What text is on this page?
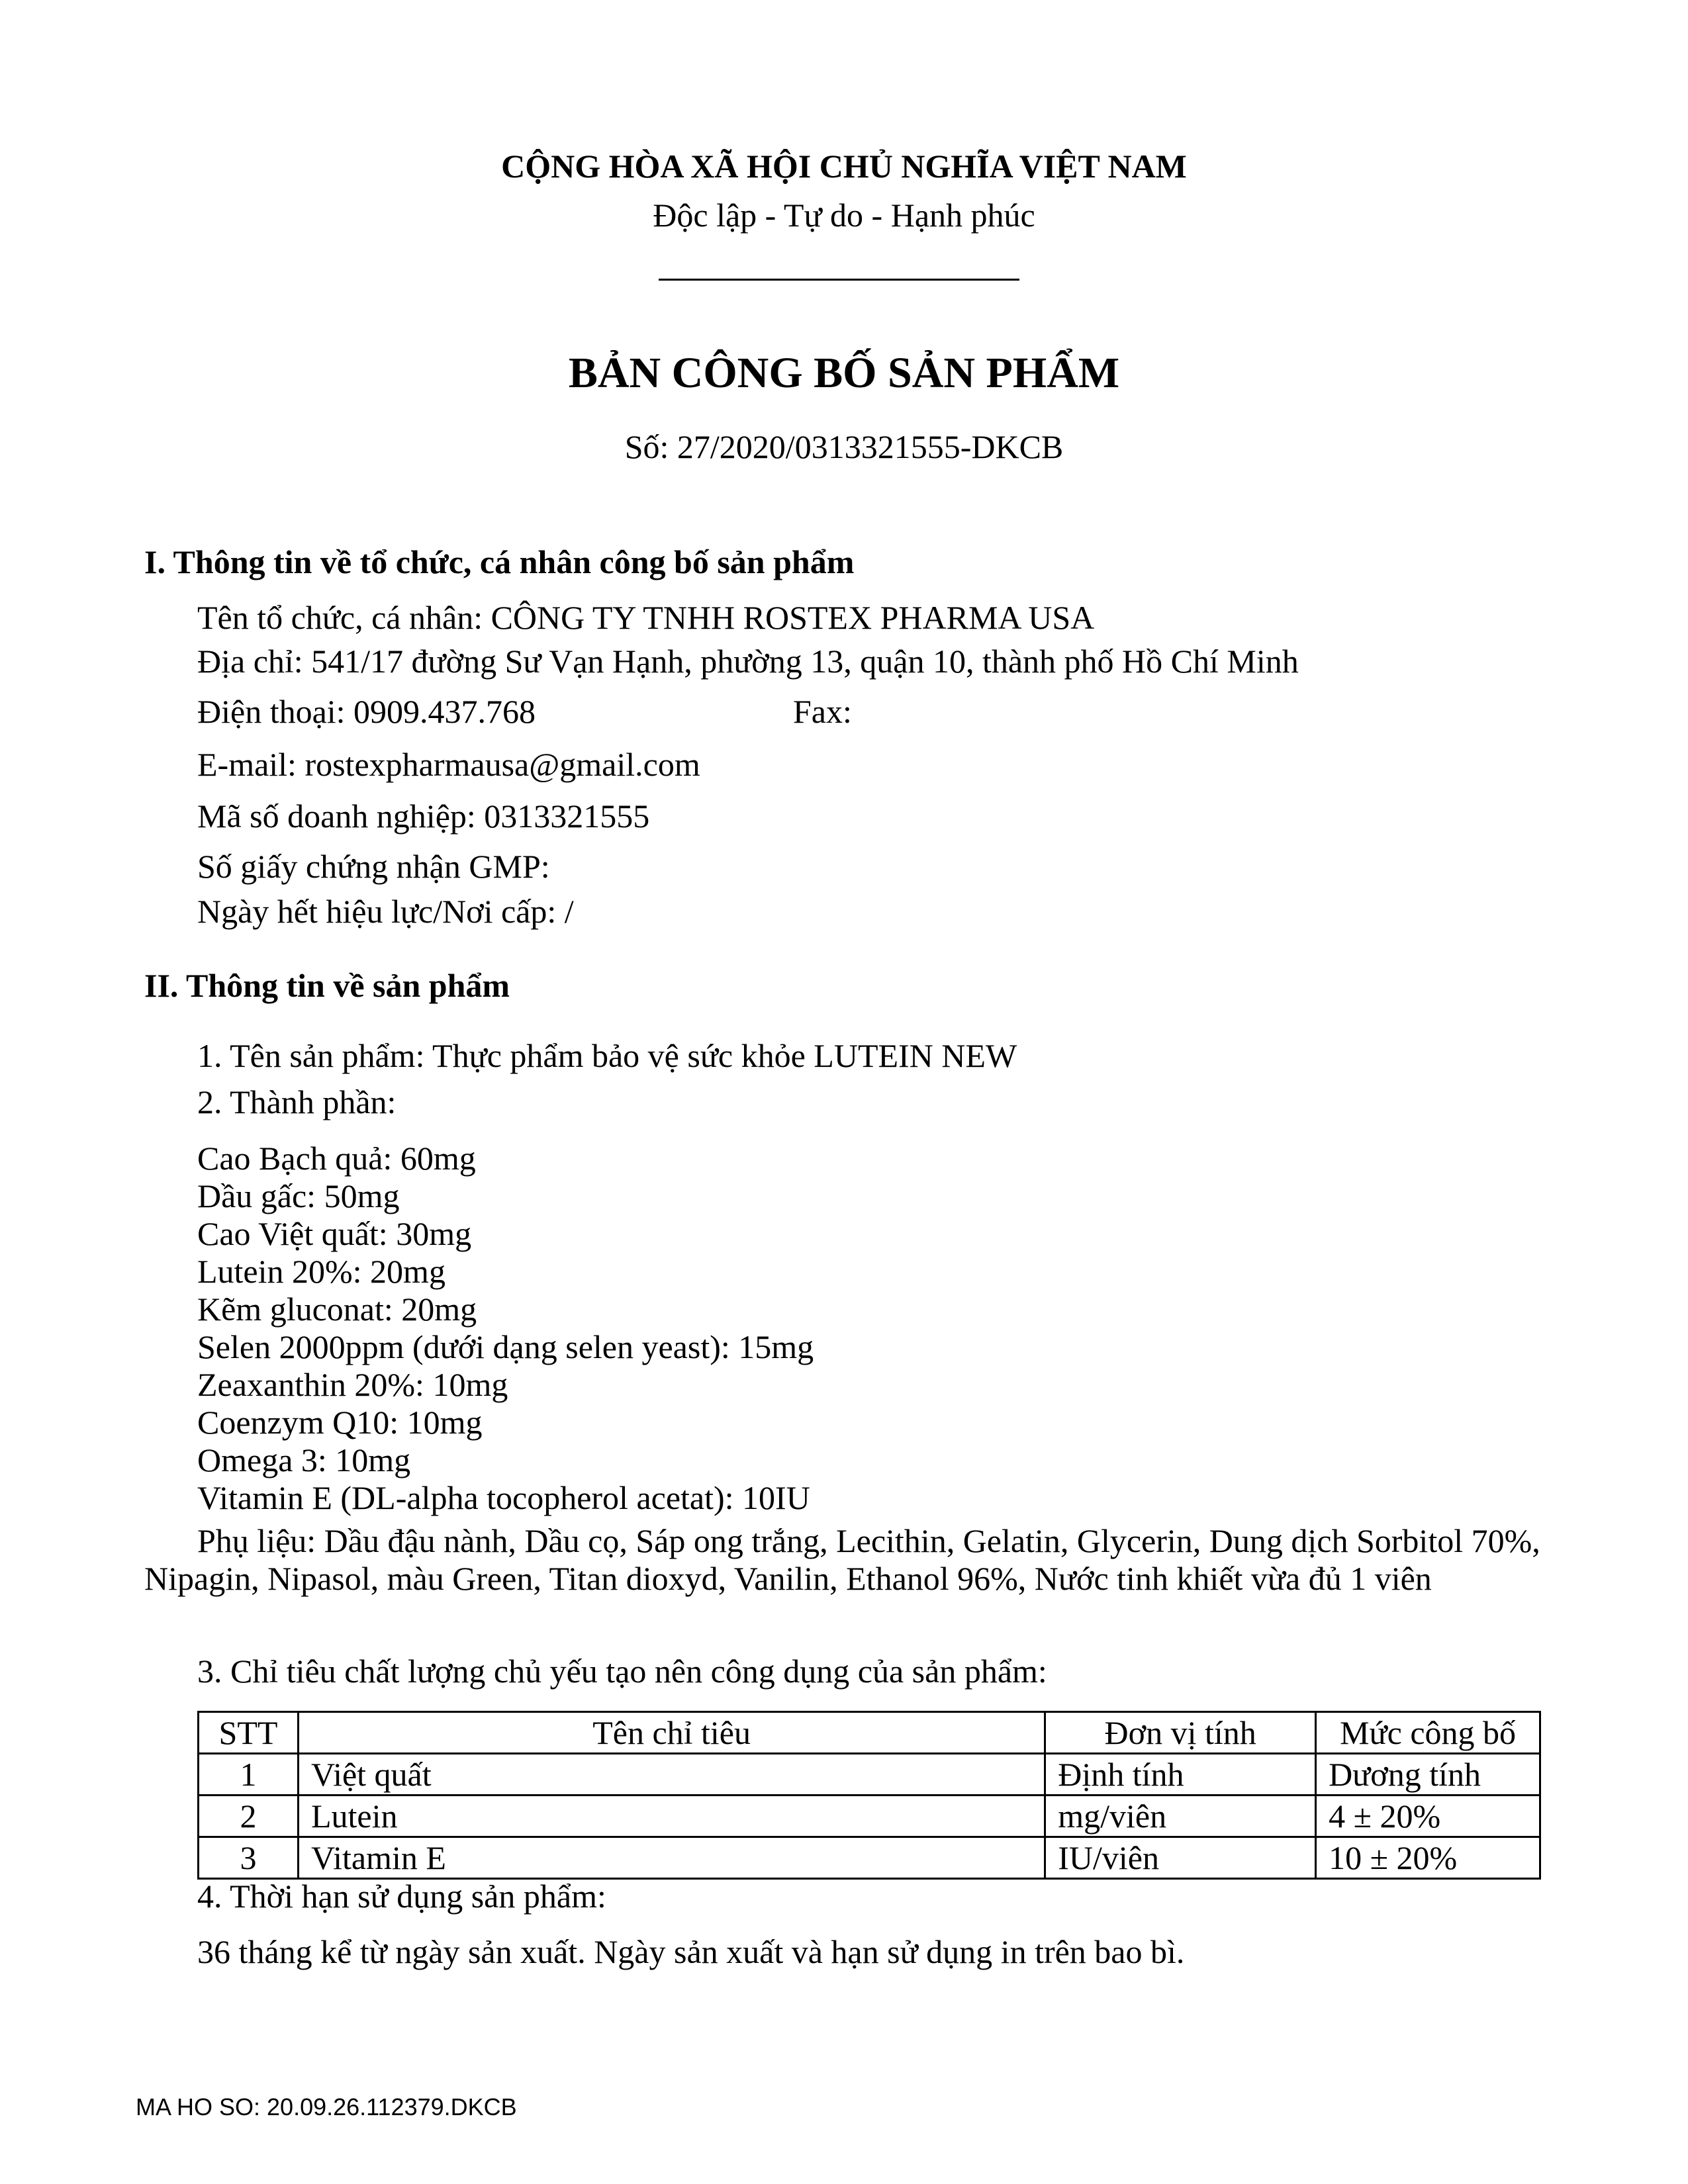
CỘNG HÒA XÃ HỘI CHỦ NGHĨA VIỆT NAM
Độc lập - Tự do - Hạnh phúc
BẢN CÔNG BỐ SẢN PHẨM
Số: 27/2020/0313321555-DKCB
I. Thông tin về tổ chức, cá nhân công bố sản phẩm
Tên tổ chức, cá nhân: CÔNG TY TNHH ROSTEX PHARMA USA
Địa chỉ: 541/17 đường Sư Vạn Hạnh, phường 13, quận 10, thành phố Hồ Chí Minh
Điện thoại: 0909.437.768	Fax:
E-mail: rostexpharmausa@gmail.com
Mã số doanh nghiệp: 0313321555
Số giấy chứng nhận GMP:
Ngày hết hiệu lực/Nơi cấp: /
II. Thông tin về sản phẩm
1. Tên sản phẩm: Thực phẩm bảo vệ sức khỏe LUTEIN NEW
2. Thành phần:
Cao Bạch quả: 60mg
Dầu gấc: 50mg
Cao Việt quất: 30mg
Lutein 20%: 20mg
Kẽm gluconat: 20mg
Selen 2000ppm (dưới dạng selen yeast): 15mg
Zeaxanthin 20%: 10mg
Coenzym Q10: 10mg
Omega 3: 10mg
Vitamin E (DL-alpha tocopherol acetat): 10IU
Phụ liệu: Dầu đậu nành, Dầu cọ, Sáp ong trắng, Lecithin, Gelatin, Glycerin, Dung dịch Sorbitol 70%, Nipagin, Nipasol, màu Green, Titan dioxyd, Vanilin, Ethanol 96%, Nước tinh khiết vừa đủ 1 viên
3. Chỉ tiêu chất lượng chủ yếu tạo nên công dụng của sản phẩm:
STT	Tên chỉ tiêu	Đơn vị tính	Mức công bố
1	Việt quất	Định tính	Dương tính
2	Lutein	mg/viên	4 ± 20%
3	Vitamin E	IU/viên	10 ± 20%
4. Thời hạn sử dụng sản phẩm:
36 tháng kể từ ngày sản xuất. Ngày sản xuất và hạn sử dụng in trên bao bì.
MA HO SO: 20.09.26.112379.DKCB
